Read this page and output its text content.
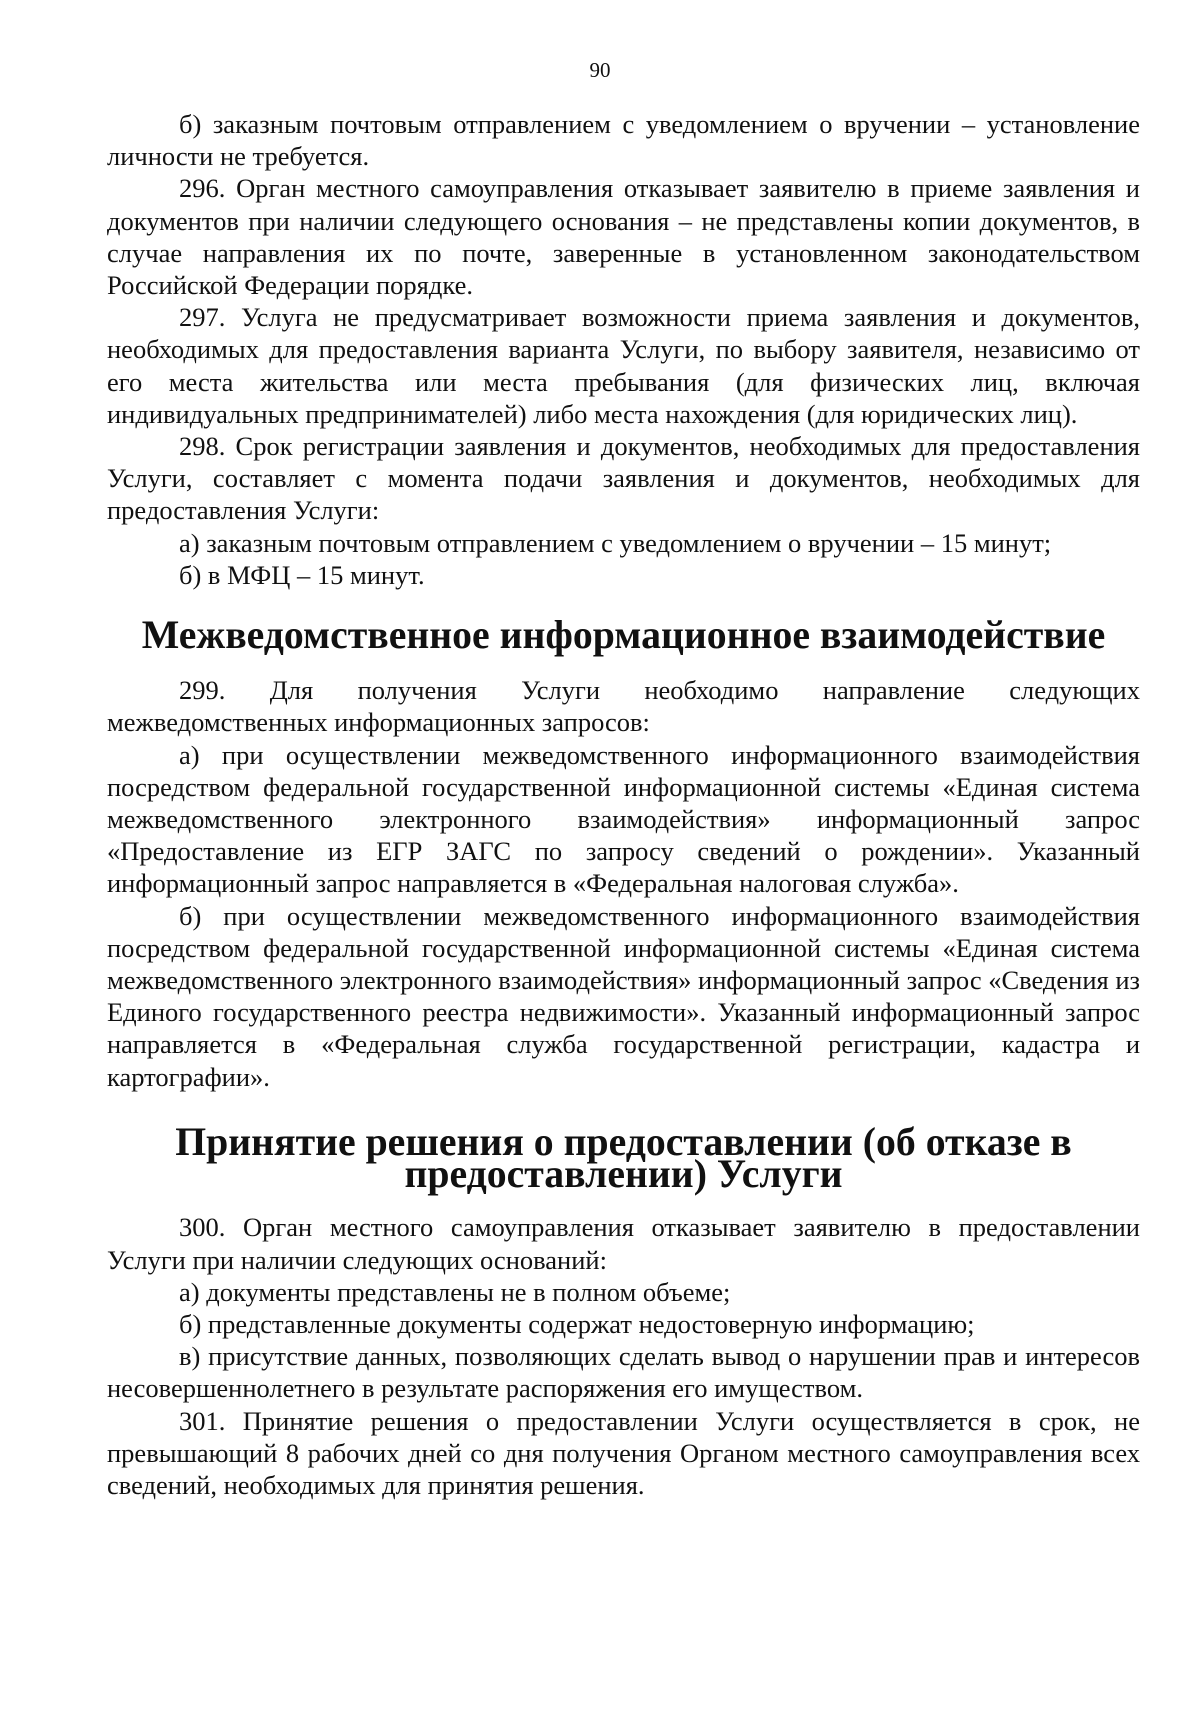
90

б) заказным почтовым отправлением с уведомлением о вручении – установление личности не требуется.

296. Орган местного самоуправления отказывает заявителю в приеме заявления и документов при наличии следующего основания – не представлены копии документов, в случае направления их по почте, заверенные в установленном законодательством Российской Федерации порядке.

297. Услуга не предусматривает возможности приема заявления и документов, необходимых для предоставления варианта Услуги, по выбору заявителя, независимо от его места жительства или места пребывания (для физических лиц, включая индивидуальных предпринимателей) либо места нахождения (для юридических лиц).

298. Срок регистрации заявления и документов, необходимых для предоставления Услуги, составляет с момента подачи заявления и документов, необходимых для предоставления Услуги:

а) заказным почтовым отправлением с уведомлением о вручении – 15 минут;

б) в МФЦ – 15 минут.

Межведомственное информационное взаимодействие

299. Для получения Услуги необходимо направление следующих межведомственных информационных запросов:

а) при осуществлении межведомственного информационного взаимодействия посредством федеральной государственной информационной системы «Единая система межведомственного электронного взаимодействия» информационный запрос «Предоставление из ЕГР ЗАГС по запросу сведений о рождении». Указанный информационный запрос направляется в «Федеральная налоговая служба».

б) при осуществлении межведомственного информационного взаимодействия посредством федеральной государственной информационной системы «Единая система межведомственного электронного взаимодействия» информационный запрос «Сведения из Единого государственного реестра недвижимости». Указанный информационный запрос направляется в «Федеральная служба государственной регистрации, кадастра и картографии».

Принятие решения о предоставлении (об отказе в предоставлении) Услуги

300. Орган местного самоуправления отказывает заявителю в предоставлении Услуги при наличии следующих оснований:

а) документы представлены не в полном объеме;

б) представленные документы содержат недостоверную информацию;

в) присутствие данных, позволяющих сделать вывод о нарушении прав и интересов несовершеннолетнего в результате распоряжения его имуществом.

301. Принятие решения о предоставлении Услуги осуществляется в срок, не превышающий 8 рабочих дней со дня получения Органом местного самоуправления всех сведений, необходимых для принятия решения.
